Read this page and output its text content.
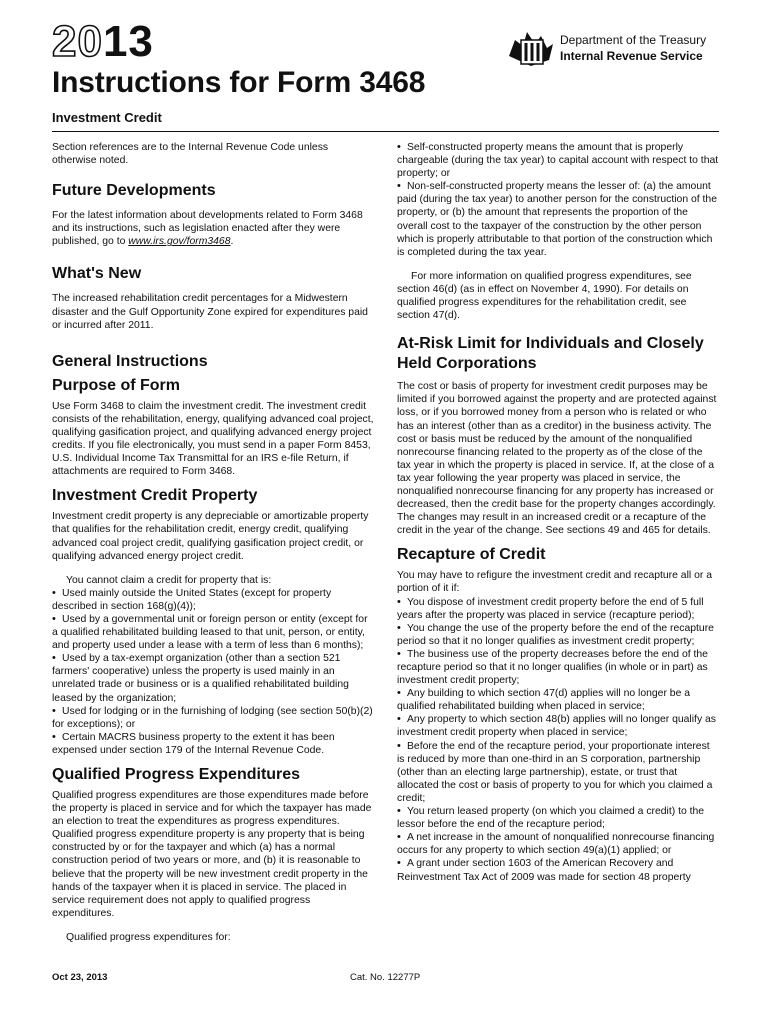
2013	Department of the Treasury
Internal Revenue Service
Instructions for Form 3468
Investment Credit

Section references are to the Internal Revenue Code unless otherwise noted.

Future Developments

For the latest information about developments related to Form 3468 and its instructions, such as legislation enacted after they were published, go to www.irs.gov/form3468.

What's New

The increased rehabilitation credit percentages for a Midwestern disaster and the Gulf Opportunity Zone expired for expenditures paid or incurred after 2011.

General Instructions
Purpose of Form

Use Form 3468 to claim the investment credit. The investment credit consists of the rehabilitation, energy, qualifying advanced coal project, qualifying gasification project, and qualifying advanced energy project credits. If you file electronically, you must send in a paper Form 8453, U.S. Individual Income Tax Transmittal for an IRS e-file Return, if attachments are required to Form 3468.

Investment Credit Property

Investment credit property is any depreciable or amortizable property that qualifies for the rehabilitation credit, energy credit, qualifying advanced coal project credit, qualifying gasification project credit, or qualifying advanced energy project credit.

You cannot claim a credit for property that is:

• Used mainly outside the United States (except for property described in section 168(g)(4));

• Used by a governmental unit or foreign person or entity (except for a qualified rehabilitated building leased to that unit, person, or entity, and property used under a lease with a term of less than 6 months);

• Used by a tax-exempt organization (other than a section 521 farmers' cooperative) unless the property is used mainly in an unrelated trade or business or is a qualified rehabilitated building leased by the organization;

• Used for lodging or in the furnishing of lodging (see section 50(b)(2) for exceptions); or

• Certain MACRS business property to the extent it has been expensed under section 179 of the Internal Revenue Code.

Qualified Progress Expenditures

Qualified progress expenditures are those expenditures made before the property is placed in service and for which the taxpayer has made an election to treat the expenditures as progress expenditures. Qualified progress expenditure property is any property that is being constructed by or for the taxpayer and which (a) has a normal construction period of two years or more, and (b) it is reasonable to believe that the property will be new investment credit property in the hands of the taxpayer when it is placed in service. The placed in service requirement does not apply to qualified progress expenditures.

Qualified progress expenditures for:

• Self-constructed property means the amount that is properly chargeable (during the tax year) to capital account with respect to that property; or

• Non-self-constructed property means the lesser of: (a) the amount paid (during the tax year) to another person for the construction of the property, or (b) the amount that represents the proportion of the overall cost to the taxpayer of the construction by the other person which is properly attributable to that portion of the construction which is completed during the tax year.

For more information on qualified progress expenditures, see section 46(d) (as in effect on November 4, 1990). For details on qualified progress expenditures for the rehabilitation credit, see section 47(d).

At-Risk Limit for Individuals and Closely Held Corporations

The cost or basis of property for investment credit purposes may be limited if you borrowed against the property and are protected against loss, or if you borrowed money from a person who is related or who has an interest (other than as a creditor) in the business activity. The cost or basis must be reduced by the amount of the nonqualified nonrecourse financing related to the property as of the close of the tax year in which the property is placed in service. If, at the close of a tax year following the year property was placed in service, the nonqualified nonrecourse financing for any property has increased or decreased, then the credit base for the property changes accordingly. The changes may result in an increased credit or a recapture of the credit in the year of the change. See sections 49 and 465 for details.

Recapture of Credit

You may have to refigure the investment credit and recapture all or a portion of it if:

• You dispose of investment credit property before the end of 5 full years after the property was placed in service (recapture period);

• You change the use of the property before the end of the recapture period so that it no longer qualifies as investment credit property;

• The business use of the property decreases before the end of the recapture period so that it no longer qualifies (in whole or in part) as investment credit property;

• Any building to which section 47(d) applies will no longer be a qualified rehabilitated building when placed in service;

• Any property to which section 48(b) applies will no longer qualify as investment credit property when placed in service;

• Before the end of the recapture period, your proportionate interest is reduced by more than one-third in an S corporation, partnership (other than an electing large partnership), estate, or trust that allocated the cost or basis of property to you for which you claimed a credit;

• You return leased property (on which you claimed a credit) to the lessor before the end of the recapture period;

• A net increase in the amount of nonqualified nonrecourse financing occurs for any property to which section 49(a)(1) applied; or

• A grant under section 1603 of the American Recovery and Reinvestment Tax Act of 2009 was made for section 48 property

Oct 23, 2013	Cat. No. 12277P
